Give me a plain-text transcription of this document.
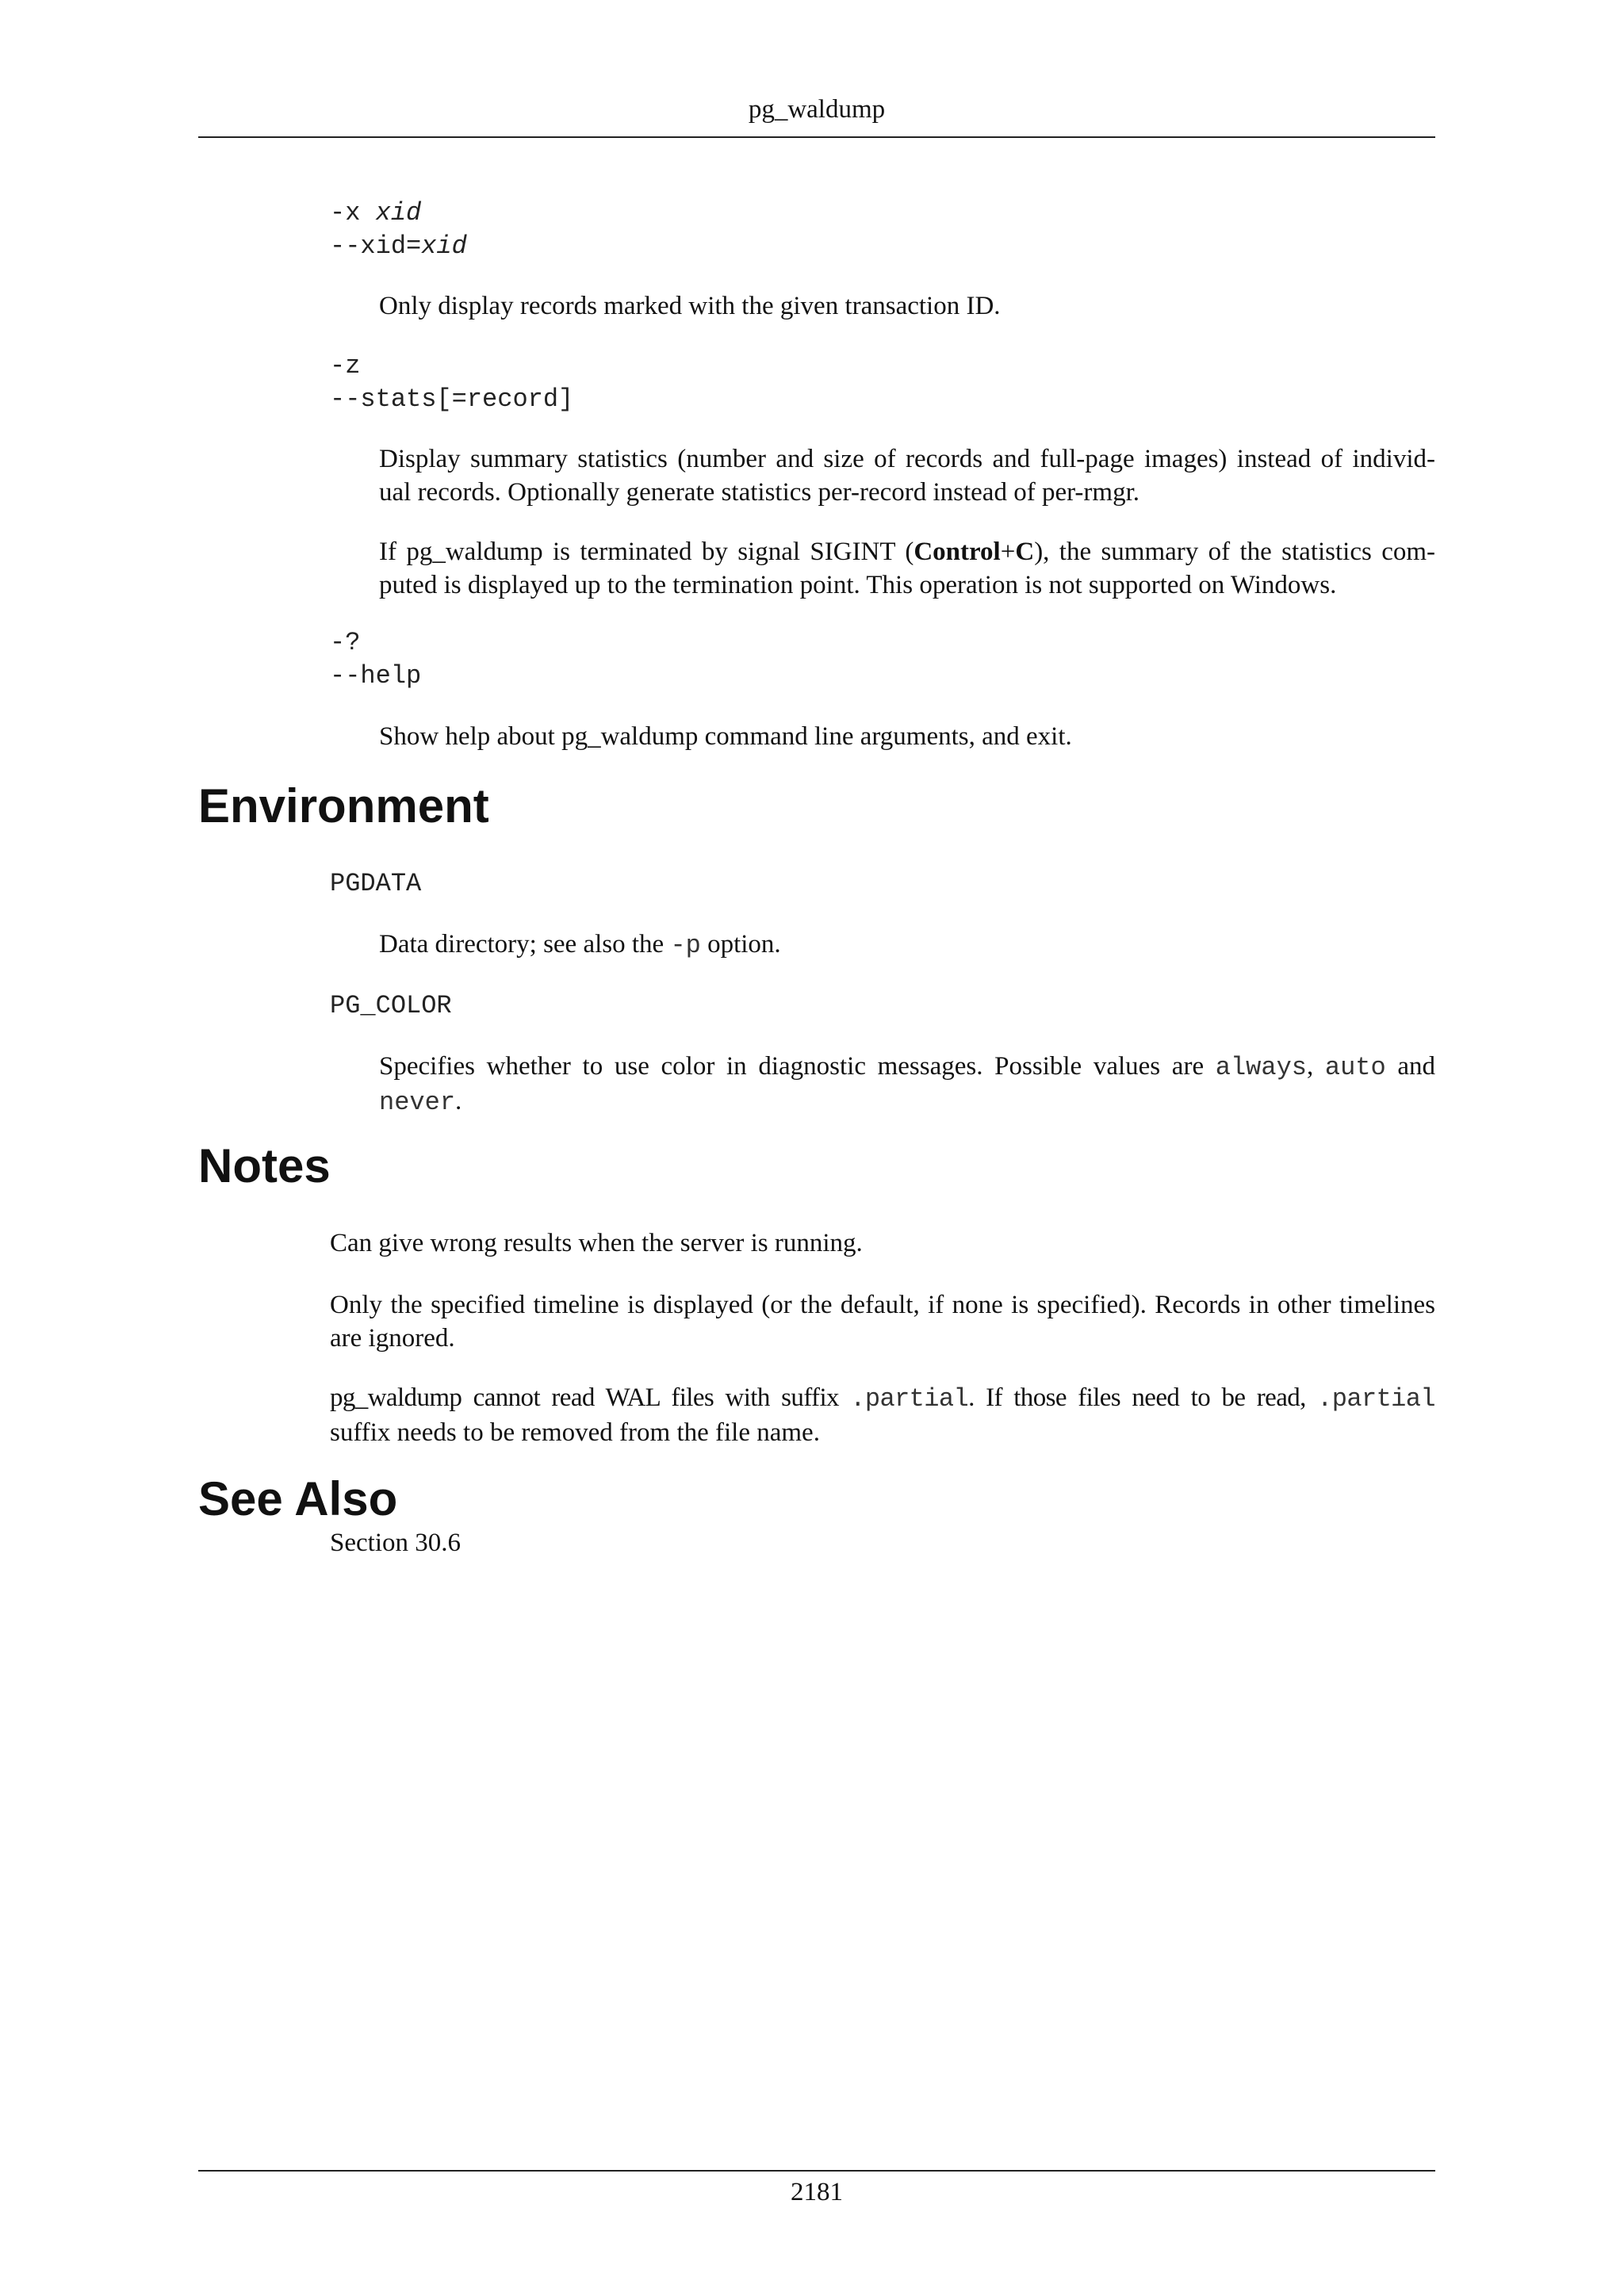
pg_waldump
-x xid
--xid=xid
Only display records marked with the given transaction ID.
-z
--stats[=record]
Display summary statistics (number and size of records and full-page images) instead of individ-
ual records. Optionally generate statistics per-record instead of per-rmgr.
If pg_waldump is terminated by signal SIGINT (Control+C), the summary of the statistics com-
puted is displayed up to the termination point. This operation is not supported on Windows.
-?
--help
Show help about pg_waldump command line arguments, and exit.
Environment
PGDATA
Data directory; see also the -p option.
PG_COLOR
Specifies whether to use color in diagnostic messages. Possible values are always, auto and
never.
Notes
Can give wrong results when the server is running.
Only the specified timeline is displayed (or the default, if none is specified). Records in other timelines
are ignored.
pg_waldump cannot read WAL files with suffix .partial. If those files need to be read, .partial
suffix needs to be removed from the file name.
See Also
Section 30.6
2181
